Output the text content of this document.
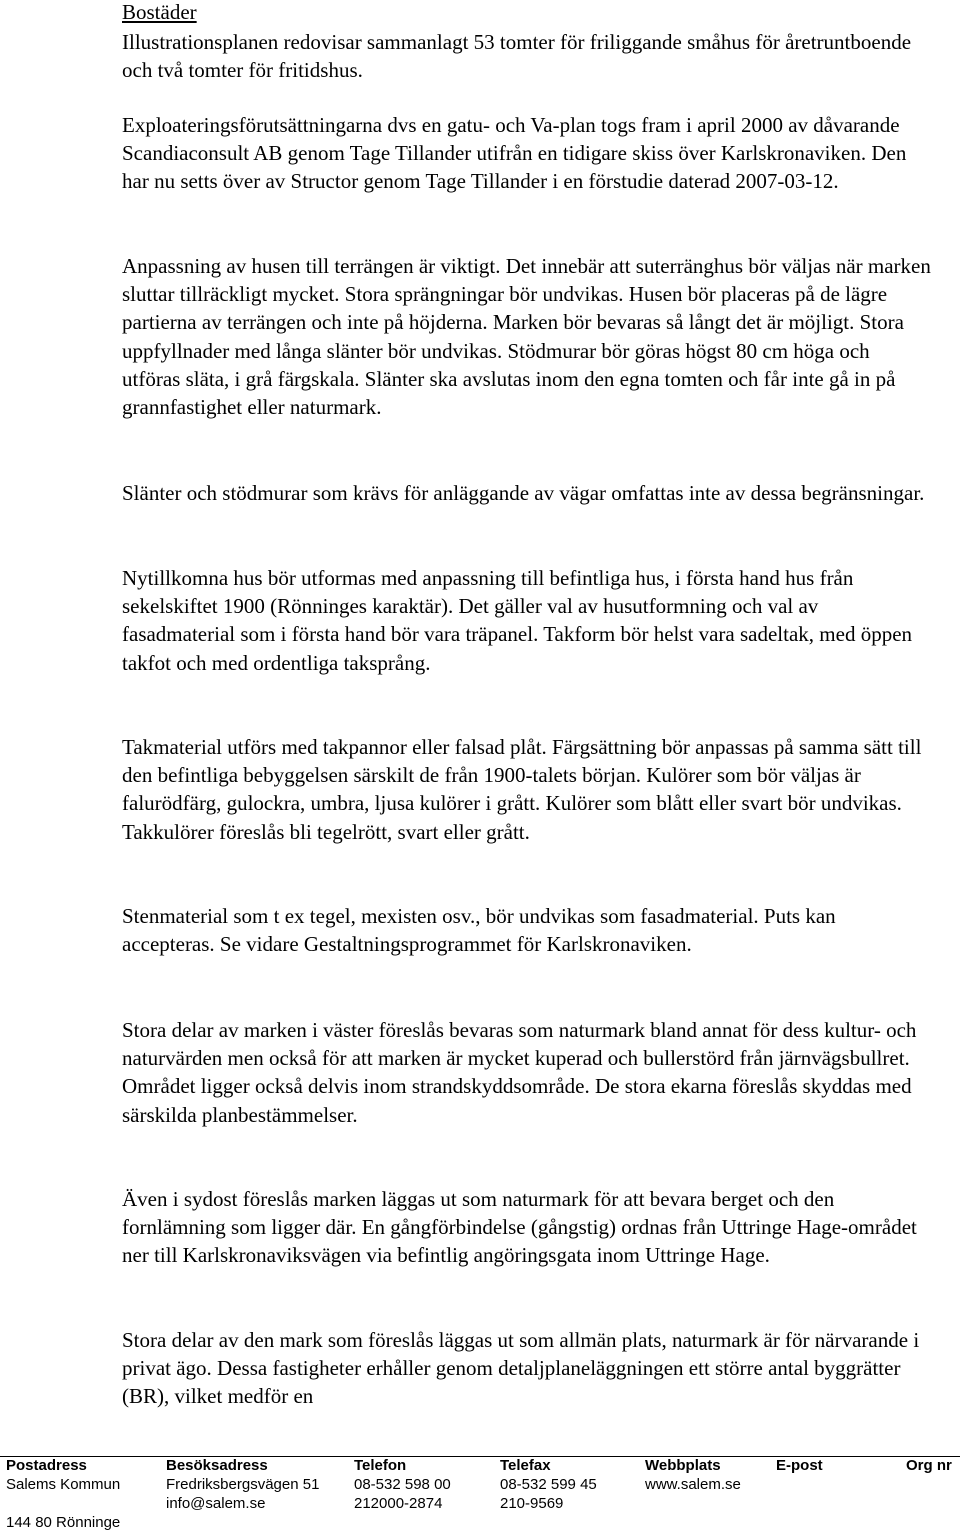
Bostäder

Illustrationsplanen redovisar sammanlagt 53 tomter för friliggande småhus för åretruntboende och två tomter för fritidshus.

Exploateringsförutsättningarna dvs en gatu- och Va-plan togs fram i april 2000 av dåvarande Scandiaconsult AB genom Tage Tillander utifrån en tidigare skiss över Karlskronaviken. Den har nu setts över av Structor genom Tage Tillander i en förstudie daterad 2007-03-12.

Anpassning av husen till terrängen är viktigt. Det innebär att suterränghus bör väljas när marken sluttar tillräckligt mycket. Stora sprängningar bör undvikas. Husen bör placeras på de lägre partierna av terrängen och inte på höjderna. Marken bör bevaras så långt det är möjligt. Stora uppfyllnader med långa slänter bör undvikas. Stödmurar bör göras högst 80 cm höga och utföras släta, i grå färgskala. Slänter ska avslutas inom den egna tomten och får inte gå in på grannfastighet eller naturmark.

Slänter och stödmurar som krävs för anläggande av vägar omfattas inte av dessa begränsningar.

Nytillkomna hus bör utformas med anpassning till befintliga hus, i första hand hus från sekelskiftet 1900 (Rönninges karaktär). Det gäller val av husutformning och val av fasadmaterial som i första hand bör vara träpanel. Takform bör helst vara sadeltak, med öppen takfot och med ordentliga taksprång.

Takmaterial utförs med takpannor eller falsad plåt. Färgsättning bör anpassas på samma sätt till den befintliga bebyggelsen särskilt de från 1900-talets början. Kulörer som bör väljas är falurödfärg, gulockra, umbra, ljusa kulörer i grått. Kulörer som blått eller svart bör undvikas. Takkulörer föreslås bli tegelrött, svart eller grått.

Stenmaterial som t ex tegel, mexisten osv., bör undvikas som fasadmaterial. Puts kan accepteras. Se vidare Gestaltningsprogrammet för Karlskronaviken.

Stora delar av marken i väster föreslås bevaras som naturmark bland annat för dess kultur- och naturvärden men också för att marken är mycket kuperad och bullerstörd från järnvägsbullret. Området ligger också delvis inom strandskyddsområde. De stora ekarna föreslås skyddas med särskilda planbestämmelser.

Även i sydost föreslås marken läggas ut som naturmark för att bevara berget och den fornlämning som ligger där. En gångförbindelse (gångstig) ordnas från Uttringe Hage-området ner till Karlskronaviksvägen via befintlig angöringsgata inom Uttringe Hage.

Stora delar av den mark som föreslås läggas ut som allmän plats, naturmark är för närvarande i privat ägo. Dessa fastigheter erhåller genom detaljplaneläggningen ett större antal byggrätter (BR), vilket medför en

Postadress
Salems Kommun
144 80 Rönninge
Besöksadress
Fredriksbergsvägen 51
info@salem.se
Telefon
08-532 598 00
212000-2874
Telefax
08-532 599 45
210-9569
Webbplats
www.salem.se
E-post	Org nr
